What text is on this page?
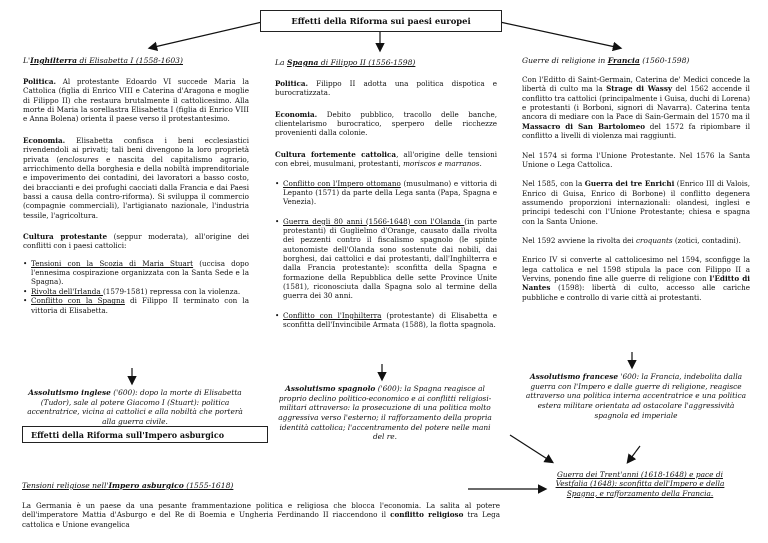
Effetti della Riforma sui paesi europei
L'Inghilterra di Elisabetta I (1558-1603)

Politica. Al protestante Edoardo VI succede Maria la Cattolica (figlia di Enrico VIII e Caterina d'Aragona e moglie di Filippo II) che restaura brutalmente il cattolicesimo. Alla morte di Maria la sorellastra Elisabetta I (figlia di Enrico VIII e Anna Bolena) orienta il paese verso il protestantesimo.

Economia. Elisabetta confisca i beni ecclesiastici rivendendoli ai privati; tali beni divengono la loro proprietà privata (enclosures e nascita del capitalismo agrario, arricchimento della borghesia e della nobiltà imprenditoriale e impoverimento dei contadini, dei lavoratori a basso costo, dei braccianti e dei profughi cacciati dalla Francia e dai Paesi bassi a causa della contro-riforma). Si sviluppa il commercio (compagnie commerciali), l'artigianato nazionale, l'industria tessile, l'agricoltura.

Cultura protestante (seppur moderata), all'origine dei conflitti con i paesi cattolici:

• Tensioni con la Scozia di Maria Stuart (uccisa dopo l'ennesima cospirazione organizzata con la Santa Sede e la Spagna).
• Rivolta dell'Irlanda (1579-1581) repressa con la violenza.
• Conflitto con la Spagna di Filippo II terminato con la vittoria di Elisabetta.
Assolutismo inglese ('600): dopo la morte di Elisabetta (Tudor), sale al potere Giacomo I (Stuart): politica accentratrice, vicina ai cattolici e alla nobiltà che porterà alla guerra civile.
La Spagna di Filippo II (1556-1598)

Politica. Filippo II adotta una politica dispotica e burocratizzata.

Economia. Debito pubblico, tracollo delle banche, clientelarismo burocratico, sperpero delle ricchezze provenienti dalla colonie.

Cultura fortemente cattolica, all'origine delle tensioni con ebrei, musulmani, protestanti, moriscos e marranos.

• Conflitto con l'Impero ottomano (musulmano) e vittoria di Lepanto (1571) da parte della Lega santa (Papa, Spagna e Venezia).
• Guerra degli 80 anni (1566-1648) con l'Olanda (in parte protestanti) di Guglielmo d'Orange, causato dalla rivolta dei pezzenti contro il fiscalismo spagnolo (le spinte autonomiste dell'Olanda sono sostenute dai nobili, dai borghesi, dai cattolici e dai protestanti, dall'Inghilterra e dalla Francia protestante): sconfitta della Spagna e formazione della Repubblica delle sette Province Unite (1581), riconosciuta dalla Spagna solo al termine della guerra dei 30 anni.
• Conflitto con l'Inghilterra (protestante) di Elisabetta e sconfitta dell'Invincibile Armata (1588), la flotta spagnola.
Assolutismo spagnolo ('600): la Spagna reagisce al proprio declino politico-economico e ai conflitti religiosi-militari attraverso: la prosecuzione di una politica molto aggressiva verso l'esterno; il rafforzamento della propria identità cattolica; l'accentramento del potere nelle mani del re.
Guerre di religione in Francia (1560-1598)

Con l'Editto di Saint-Germain, Caterina de' Medici concede la libertà di culto ma la Strage di Wassy del 1562 accende il conflitto tra cattolici (principalmente i Guisa, duchi di Lorena) e protestanti (i Borboni, signori di Navarra). Caterina tenta ancora di mediare con la Pace di Sain-Germain del 1570 ma il Massacro di San Bartolomeo del 1572 fa ripiombare il conflitto a livelli di violenza mai raggiunti.

Nel 1574 si forma l'Unione Protestante. Nel 1576 la Santa Unione o Lega Cattolica.

Nel 1585, con la Guerra dei tre Enrichi (Enrico III di Valois, Enrico di Guisa, Enrico di Borbone) il conflitto degenera assumendo proporzioni internazionali: olandesi, inglesi e principi tedeschi con l'Unione Protestante; chiesa e spagna con la Santa Unione.

Nel 1592 avviene la rivolta dei croquants (zotici, contadini).

Enrico IV si converte al cattolicesimo nel 1594, sconfigge la lega cattolica e nel 1598 stipula la pace con Filippo II a Vervins, ponendo fine alle guerre di religione con l'Editto di Nantes (1598): libertà di culto, accesso alle cariche pubbliche e controllo di varie città ai protestanti.

Assolutismo francese '600: la Francia, indebolita dalla guerra con l'Impero e dalle guerre di religione, reagisce attraverso una politica interna accentratrice e una politica estera militare orientata ad ostacolare l'aggressività spagnola ed imperiale
Effetti della Riforma sull'Impero asburgico
Tensioni religiose nell'Impero asburgico (1555-1618)

La Germania è un paese da una pesante frammentazione politica e religiosa che blocca l'economia. La salita al potere dell'imperatore Mattia d'Asburgo e del Re di Boemia e Ungheria Ferdinando II riaccendono il conflitto religioso tra Lega cattolica e Unione evangelica

Guerra dei Trent'anni (1618-1648) e pace di Vestfalia (1648): sconfitta dell'Impero e della Spagna, e rafforzamento della Francia.
